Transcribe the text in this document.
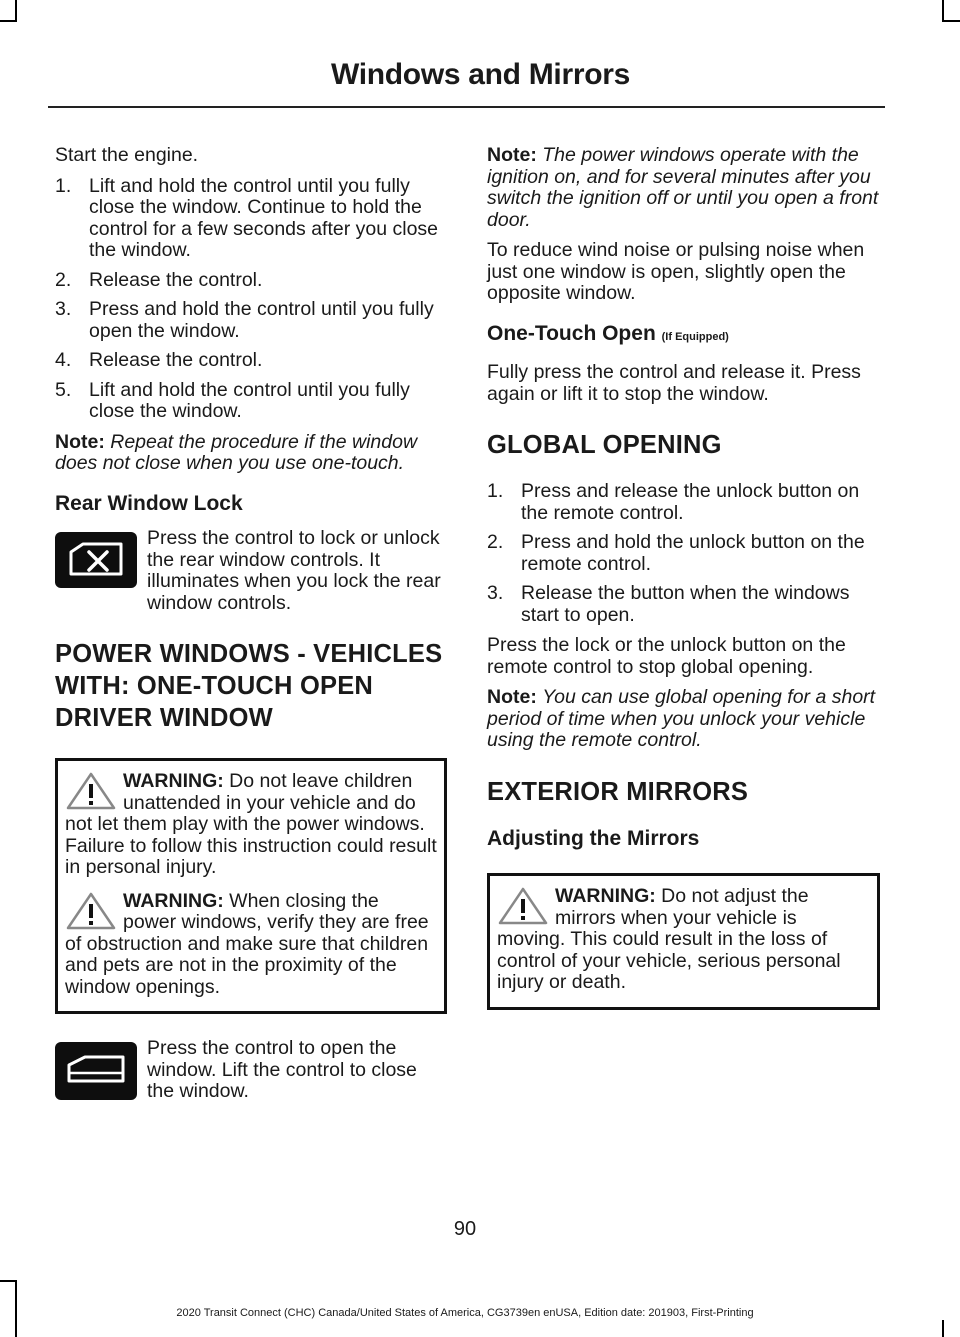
Windows and Mirrors

Start the engine.

1. Lift and hold the control until you fully close the window. Continue to hold the control for a few seconds after you close the window.
2. Release the control.
3. Press and hold the control until you fully open the window.
4. Release the control.
5. Lift and hold the control until you fully close the window.

Note: Repeat the procedure if the window does not close when you use one-touch.

Rear Window Lock
Press the control to lock or unlock the rear window controls. It illuminates when you lock the rear window controls.
POWER WINDOWS - VEHICLES WITH: ONE-TOUCH OPEN DRIVER WINDOW
WARNING: Do not leave children unattended in your vehicle and do not let them play with the power windows. Failure to follow this instruction could result in personal injury.
WARNING: When closing the power windows, verify they are free of obstruction and make sure that children and pets are not in the proximity of the window openings.
Press the control to open the window. Lift the control to close the window.

Note: The power windows operate with the ignition on, and for several minutes after you switch the ignition off or until you open a front door.

To reduce wind noise or pulsing noise when just one window is open, slightly open the opposite window.

One-Touch Open (If Equipped)

Fully press the control and release it. Press again or lift it to stop the window.

GLOBAL OPENING
1. Press and release the unlock button on the remote control.
2. Press and hold the unlock button on the remote control.
3. Release the button when the windows start to open.

Press the lock or the unlock button on the remote control to stop global opening.

Note: You can use global opening for a short period of time when you unlock your vehicle using the remote control.

EXTERIOR MIRRORS
Adjusting the Mirrors
WARNING: Do not adjust the mirrors when your vehicle is moving. This could result in the loss of control of your vehicle, serious personal injury or death.
90
2020 Transit Connect (CHC) Canada/United States of America, CG3739en enUSA, Edition date: 201903, First-Printing
